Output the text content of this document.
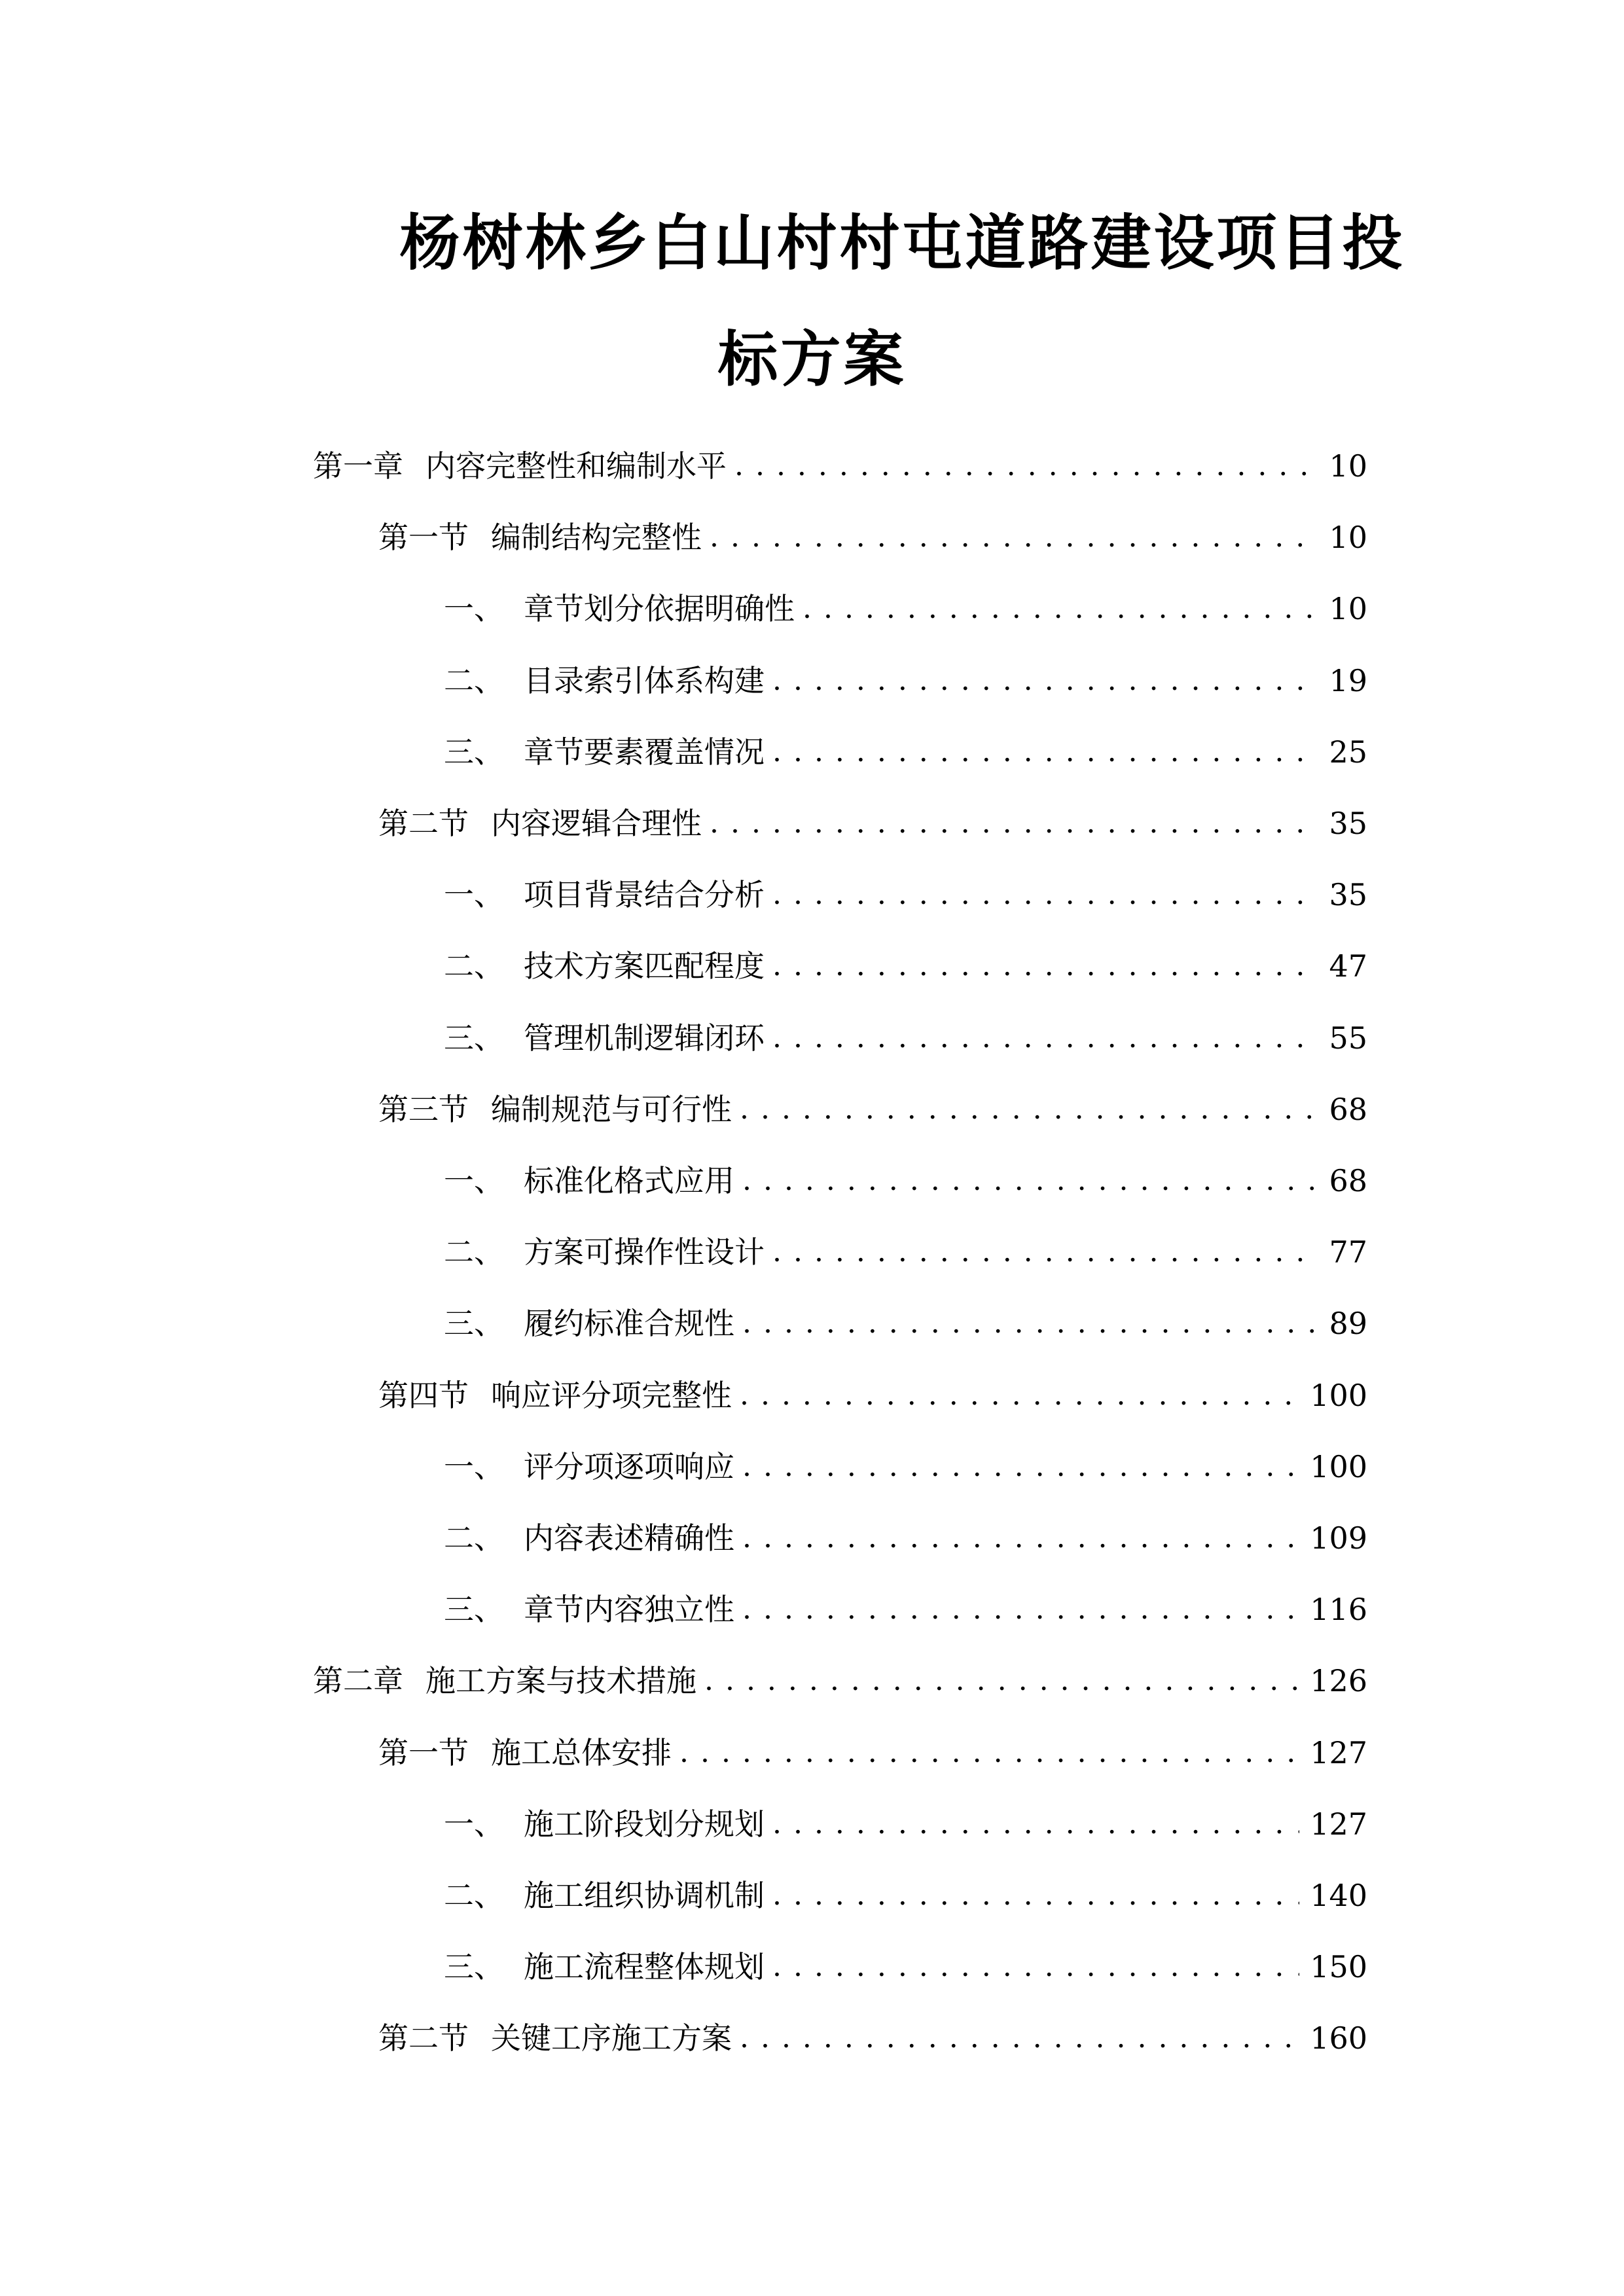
杨树林乡白山村村屯道路建设项目投
标方案
第一章 内容完整性和编制水平 . . .	10
第一节 编制结构完整性 . . .	10
一、 章节划分依据明确性 . . .	10
二、 目录索引体系构建 . . .	19
三、 章节要素覆盖情况 . . .	25
第二节 内容逻辑合理性 . . .	35
一、 项目背景结合分析 . . .	35
二、 技术方案匹配程度 . . .	47
三、 管理机制逻辑闭环 . . .	55
第三节 编制规范与可行性 . . .	68
一、 标准化格式应用 . . .	68
二、 方案可操作性设计 . . .	77
三、 履约标准合规性 . . .	89
第四节 响应评分项完整性 . . .	100
一、 评分项逐项响应 . . .	100
二、 内容表述精确性 . . .	109
三、 章节内容独立性 . . .	116
第二章 施工方案与技术措施 . . .	126
第一节 施工总体安排 . . .	127
一、 施工阶段划分规划 . . .	127
二、 施工组织协调机制 . . .	140
三、 施工流程整体规划 . . .	150
第二节 关键工序施工方案 . . .	160
